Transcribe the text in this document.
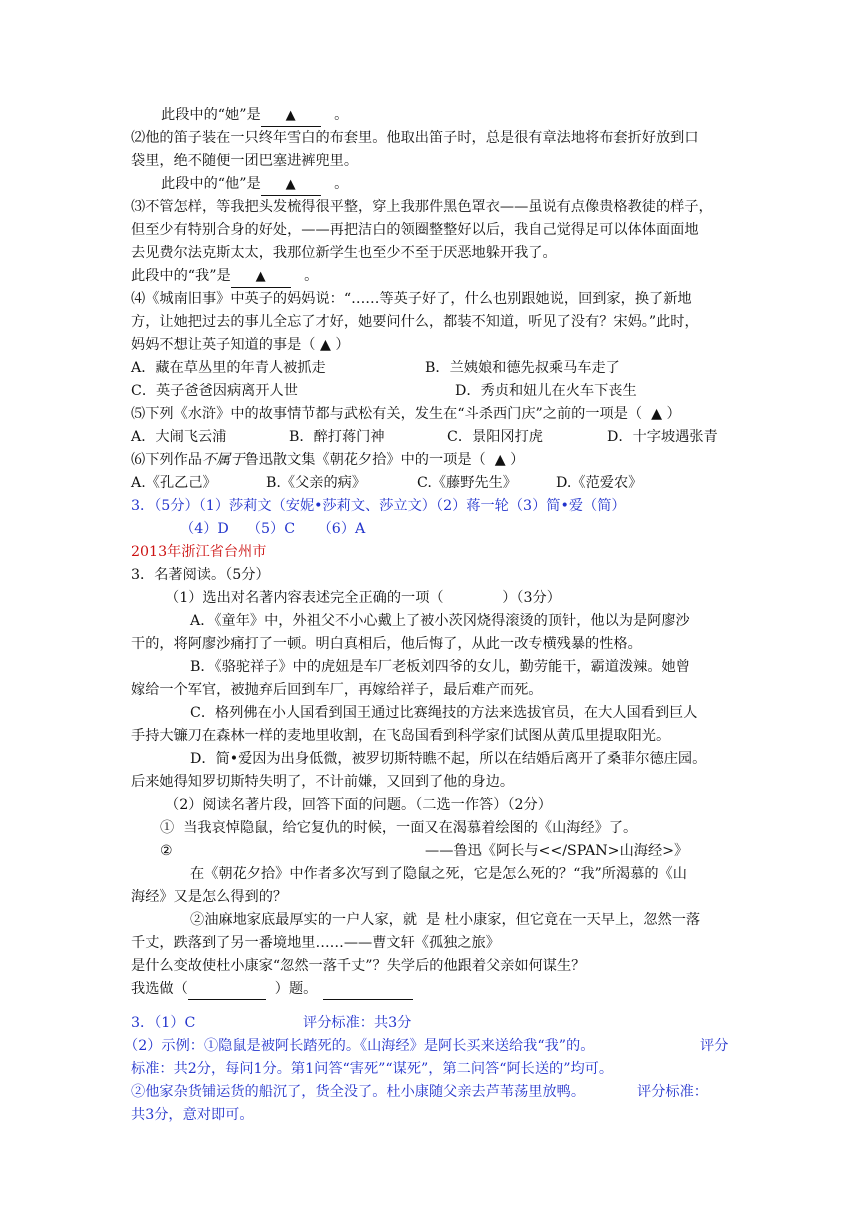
此段中的“她”是 ▲	。

⑵他的笛子装在一只终年雪白的布套里。他取出笛子时，总是很有章法地将布套折好放到口

袋里，绝不随便一团巴塞进裤兜里。

此段中的“他”是 ▲	。

⑶不管怎样，等我把头发梳得很平整，穿上我那件黑色罩衣——虽说有点像贵格教徒的样子，

但至少有特别合身的好处，——再把洁白的领圈整整好以后，我自己觉得足可以体体面面地

去见费尔法克斯太太，我那位新学生也至少不至于厌恶地躲开我了。

此段中的“我”是 ▲	。

⑷《城南旧事》中英子的妈妈说：“……等英子好了，什么也别跟她说，回到家，换了新地

方，让她把过去的事儿全忘了才好，她要问什么，都装不知道，听见了没有？宋妈。”此时，

妈妈不想让英子知道的事是（ ▲ ）

A．藏在草丛里的年青人被抓走	B．兰姨娘和德先叔乘马车走了

C．英子爸爸因病离开人世	D．秀贞和妞儿在火车下丧生

⑸下列《水浒》中的故事情节都与武松有关，发生在“斗杀西门庆”之前的一项是（  ▲ ）

A．大闹飞云浦	B．醉打蒋门神	C．景阳冈打虎	D．十字坡遇张青

⑹下列作品不属于鲁迅散文集《朝花夕拾》中的一项是（  ▲ ）

A.《孔乙己》	B.《父亲的病》	C.《藤野先生》	D.《范爱农》

3．（5分）（1）莎莉文（安妮•莎莉文、莎立文）（2）蒋一轮（3）简•爱（简）

（4）D    （5）C     （6）A

2013年浙江省台州市

3．名著阅读。（5分）

（1）选出对名著内容表述完全正确的一项（             ）（3分）

A．《童年》中，外祖父不小心戴上了被小茨冈烧得滚烫的顶针，他以为是阿廖沙

干的，将阿廖沙痛打了一顿。明白真相后，他后悔了，从此一改专横残暴的性格。

B．《骆驼祥子》中的虎妞是车厂老板刘四爷的女儿，勤劳能干，霸道泼辣。她曾

嫁给一个军官，被抛弃后回到车厂，再嫁给祥子，最后难产而死。

C．格列佛在小人国看到国王通过比赛绳技的方法来选拔官员，在大人国看到巨人

手持大镰刀在森林一样的麦地里收割，在飞岛国看到科学家们试图从黄瓜里提取阳光。

D．简•爱因为出身低微，被罗切斯特瞧不起，所以在结婚后离开了桑菲尔德庄园。

后来她得知罗切斯特失明了，不计前嫌，又回到了他的身边。

（2）阅读名著片段，回答下面的问题。（二选一作答）（2分）

①  当我哀悼隐鼠，给它复仇的时候，一面又在渴慕着绘图的《山海经》了。

②	——鲁迅《阿长与<</SPAN>山海经>》

在《朝花夕拾》中作者多次写到了隐鼠之死，它是怎么死的？“我”所渴慕的《山

海经》又是怎么得到的？

②油麻地家底最厚实的一户人家，就  是 杜小康家，但它竟在一天早上，忽然一落

千丈，跌落到了另一番境地里……——曹文轩《孤独之旅》

是什么变故使杜小康家“忽然一落千丈”？失学后的他跟着父亲如何谋生？

我选做（	）题。

3．（1）C	评分标准：共3分

（2）示例：①隐鼠是被阿长踏死的。《山海经》是阿长买来送给我“我”的。	评分

标准：共2分，每问1分。第1问答“害死”“谋死”，第二问答“阿长送的”均可。

②他家杂货铺运货的船沉了，货全没了。杜小康随父亲去芦苇荡里放鸭。	评分标准：

共3分，意对即可。
